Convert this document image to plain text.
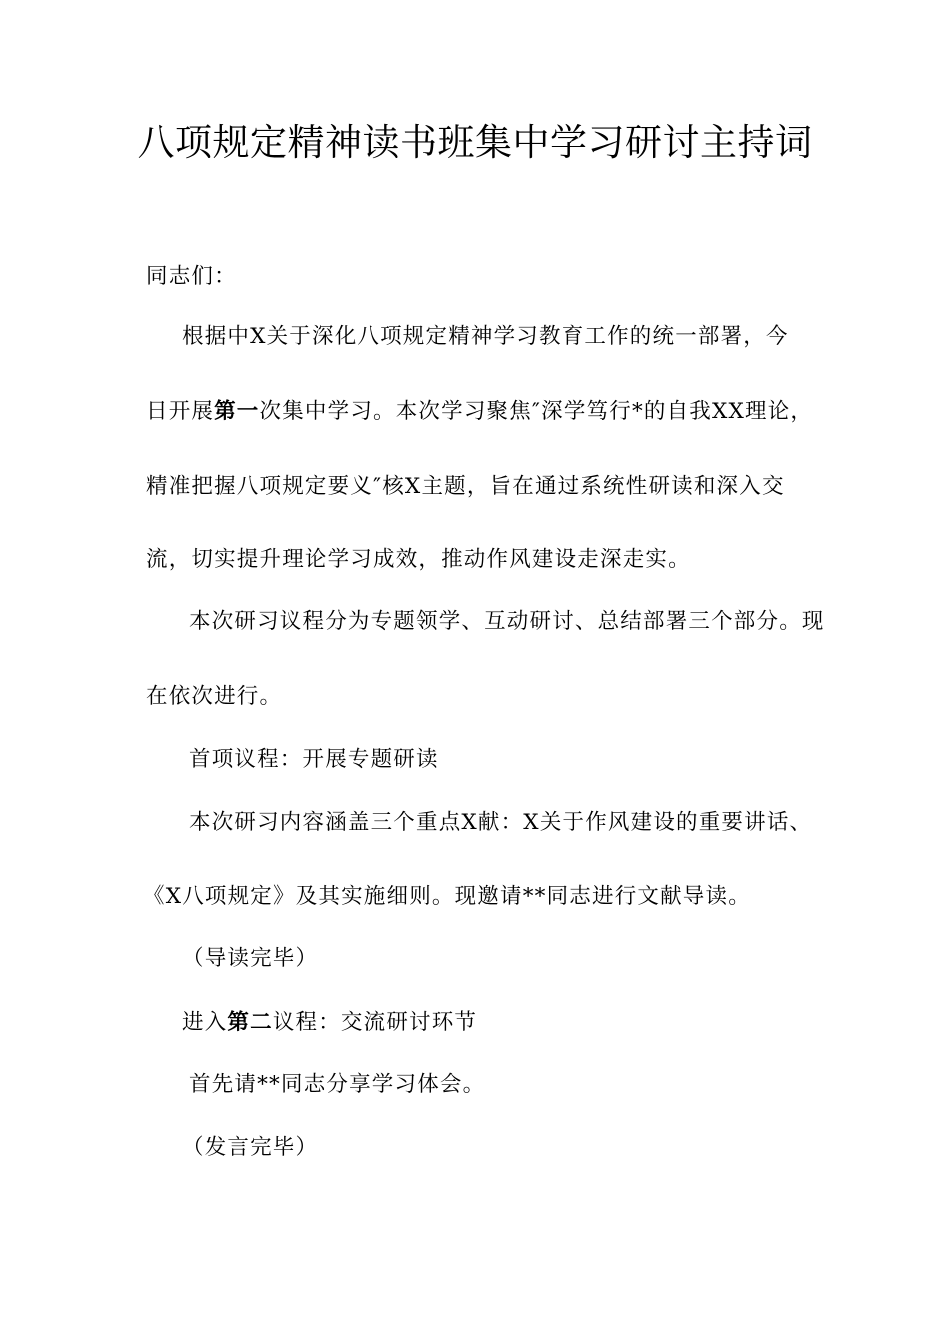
八项规定精神读书班集中学习研讨主持词
同志们：
根据中X关于深化八项规定精神学习教育工作的统一部署，今
日开展第一次集中学习。本次学习聚焦″深学笃行*的自我XX理论，
精准把握八项规定要义″核X主题，旨在通过系统性研读和深入交
流，切实提升理论学习成效，推动作风建设走深走实。
本次研习议程分为专题领学、互动研讨、总结部署三个部分。现
在依次进行。
首项议程：开展专题研读
本次研习内容涵盖三个重点X献：X关于作风建设的重要讲话、
《X八项规定》及其实施细则。现邀请**同志进行文献导读。
（导读完毕）
进入第二议程：交流研讨环节
首先请**同志分享学习体会。
（发言完毕）
